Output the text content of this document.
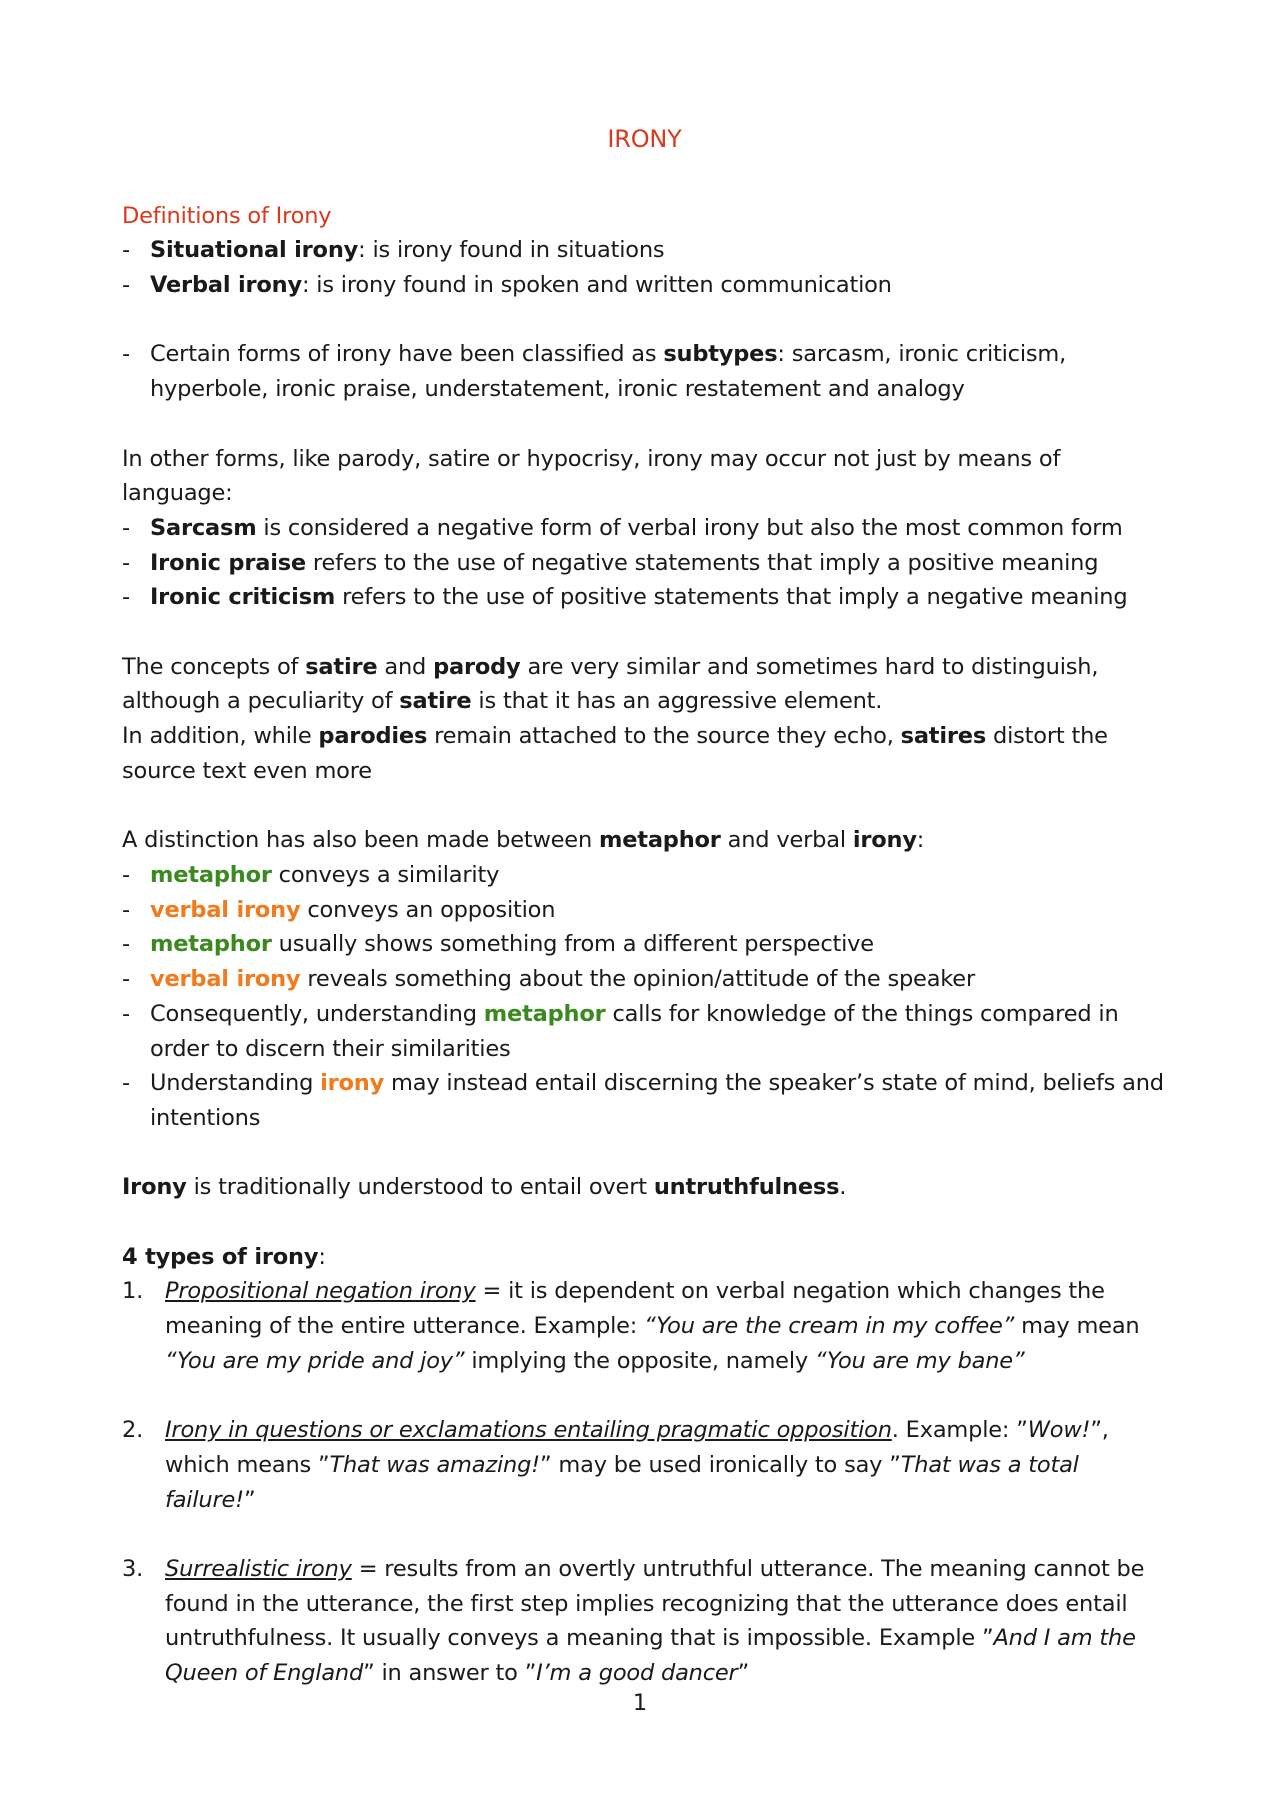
IRONY
Definitions of Irony
- Situational irony: is irony found in situations
- Verbal irony: is irony found in spoken and written communication
- Certain forms of irony have been classified as subtypes: sarcasm, ironic criticism, hyperbole, ironic praise, understatement, ironic restatement and analogy

In other forms, like parody, satire or hypocrisy, irony may occur not just by means of language:

- Sarcasm is considered a negative form of verbal irony but also the most common form
- Ironic praise refers to the use of negative statements that imply a positive meaning
- Ironic criticism refers to the use of positive statements that imply a negative meaning

The concepts of satire and parody are very similar and sometimes hard to distinguish, although a peculiarity of satire is that it has an aggressive element.

In addition, while parodies remain attached to the source they echo, satires distort the source text even more

A distinction has also been made between metaphor and verbal irony:

- metaphor conveys a similarity
- verbal irony conveys an opposition
- metaphor usually shows something from a different perspective
- verbal irony reveals something about the opinion/attitude of the speaker
- Consequently, understanding metaphor calls for knowledge of the things compared in order to discern their similarities
- Understanding irony may instead entail discerning the speaker’s state of mind, beliefs and intentions

Irony is traditionally understood to entail overt untruthfulness.

4 types of irony:

1. Propositional negation irony = it is dependent on verbal negation which changes the meaning of the entire utterance. Example: “You are the cream in my coffee” may mean “You are my pride and joy” implying the opposite, namely “You are my bane”
2. Irony in questions or exclamations entailing pragmatic opposition. Example: ”Wow!”, which means ”That was amazing!” may be used ironically to say ”That was a total failure!”
3. Surrealistic irony = results from an overtly untruthful utterance. The meaning cannot be found in the utterance, the first step implies recognizing that the utterance does entail untruthfulness. It usually conveys a meaning that is impossible. Example ”And I am the Queen of England” in answer to ”I’m a good dancer”
1
